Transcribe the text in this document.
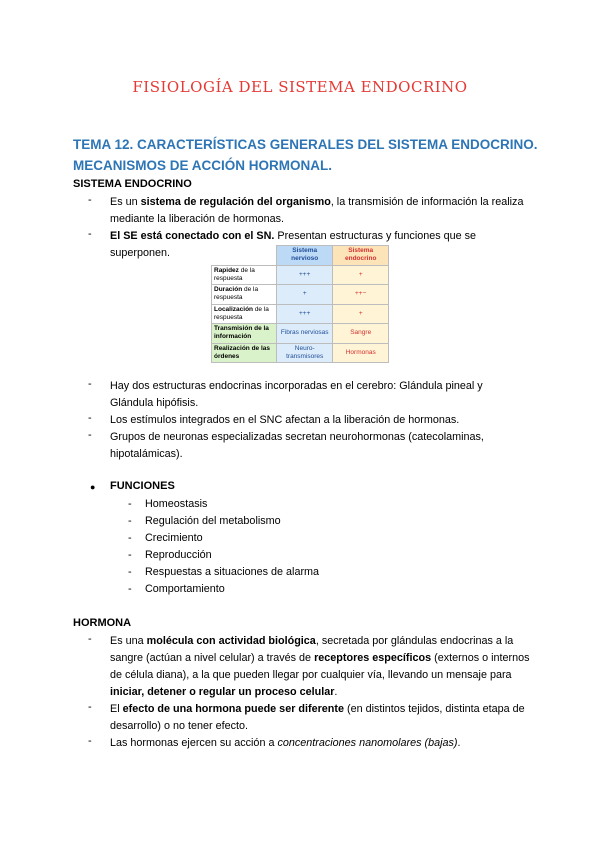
FISIOLOGÍA DEL SISTEMA ENDOCRINO
TEMA 12. CARACTERÍSTICAS GENERALES DEL SISTEMA ENDOCRINO.
MECANISMOS DE ACCIÓN HORMONAL.
SISTEMA ENDOCRINO
- Es un sistema de regulación del organismo, la transmisión de información la realiza
mediante la liberación de hormonas.
- El SE está conectado con el SN. Presentan estructuras y funciones que se
superponen.
		Sistema nervioso	Sistema endocrino
Rapidez de la respuesta	+++	+
Duración de la respuesta	+	++−
Localización de la respuesta	+++	+
Transmisión de la información	Fibras nerviosas	Sangre
Realización de las órdenes	Neuro-transmisores	Hormonas
- Hay dos estructuras endocrinas incorporadas en el cerebro: Glándula pineal y
Glándula hipófisis.
- Los estímulos integrados en el SNC afectan a la liberación de hormonas.
- Grupos de neuronas especializadas secretan neurohormonas (catecolaminas,
hipotalámicas).
● FUNCIONES
- Homeostasis
- Regulación del metabolismo
- Crecimiento
- Reproducción
- Respuestas a situaciones de alarma
- Comportamiento
HORMONA
- Es una molécula con actividad biológica, secretada por glándulas endocrinas a la
sangre (actúan a nivel celular) a través de receptores específicos (externos o internos
de célula diana), a la que pueden llegar por cualquier vía, llevando un mensaje para
iniciar, detener o regular un proceso celular.
- El efecto de una hormona puede ser diferente (en distintos tejidos, distinta etapa de
desarrollo) o no tener efecto.
- Las hormonas ejercen su acción a concentraciones nanomolares (bajas).
